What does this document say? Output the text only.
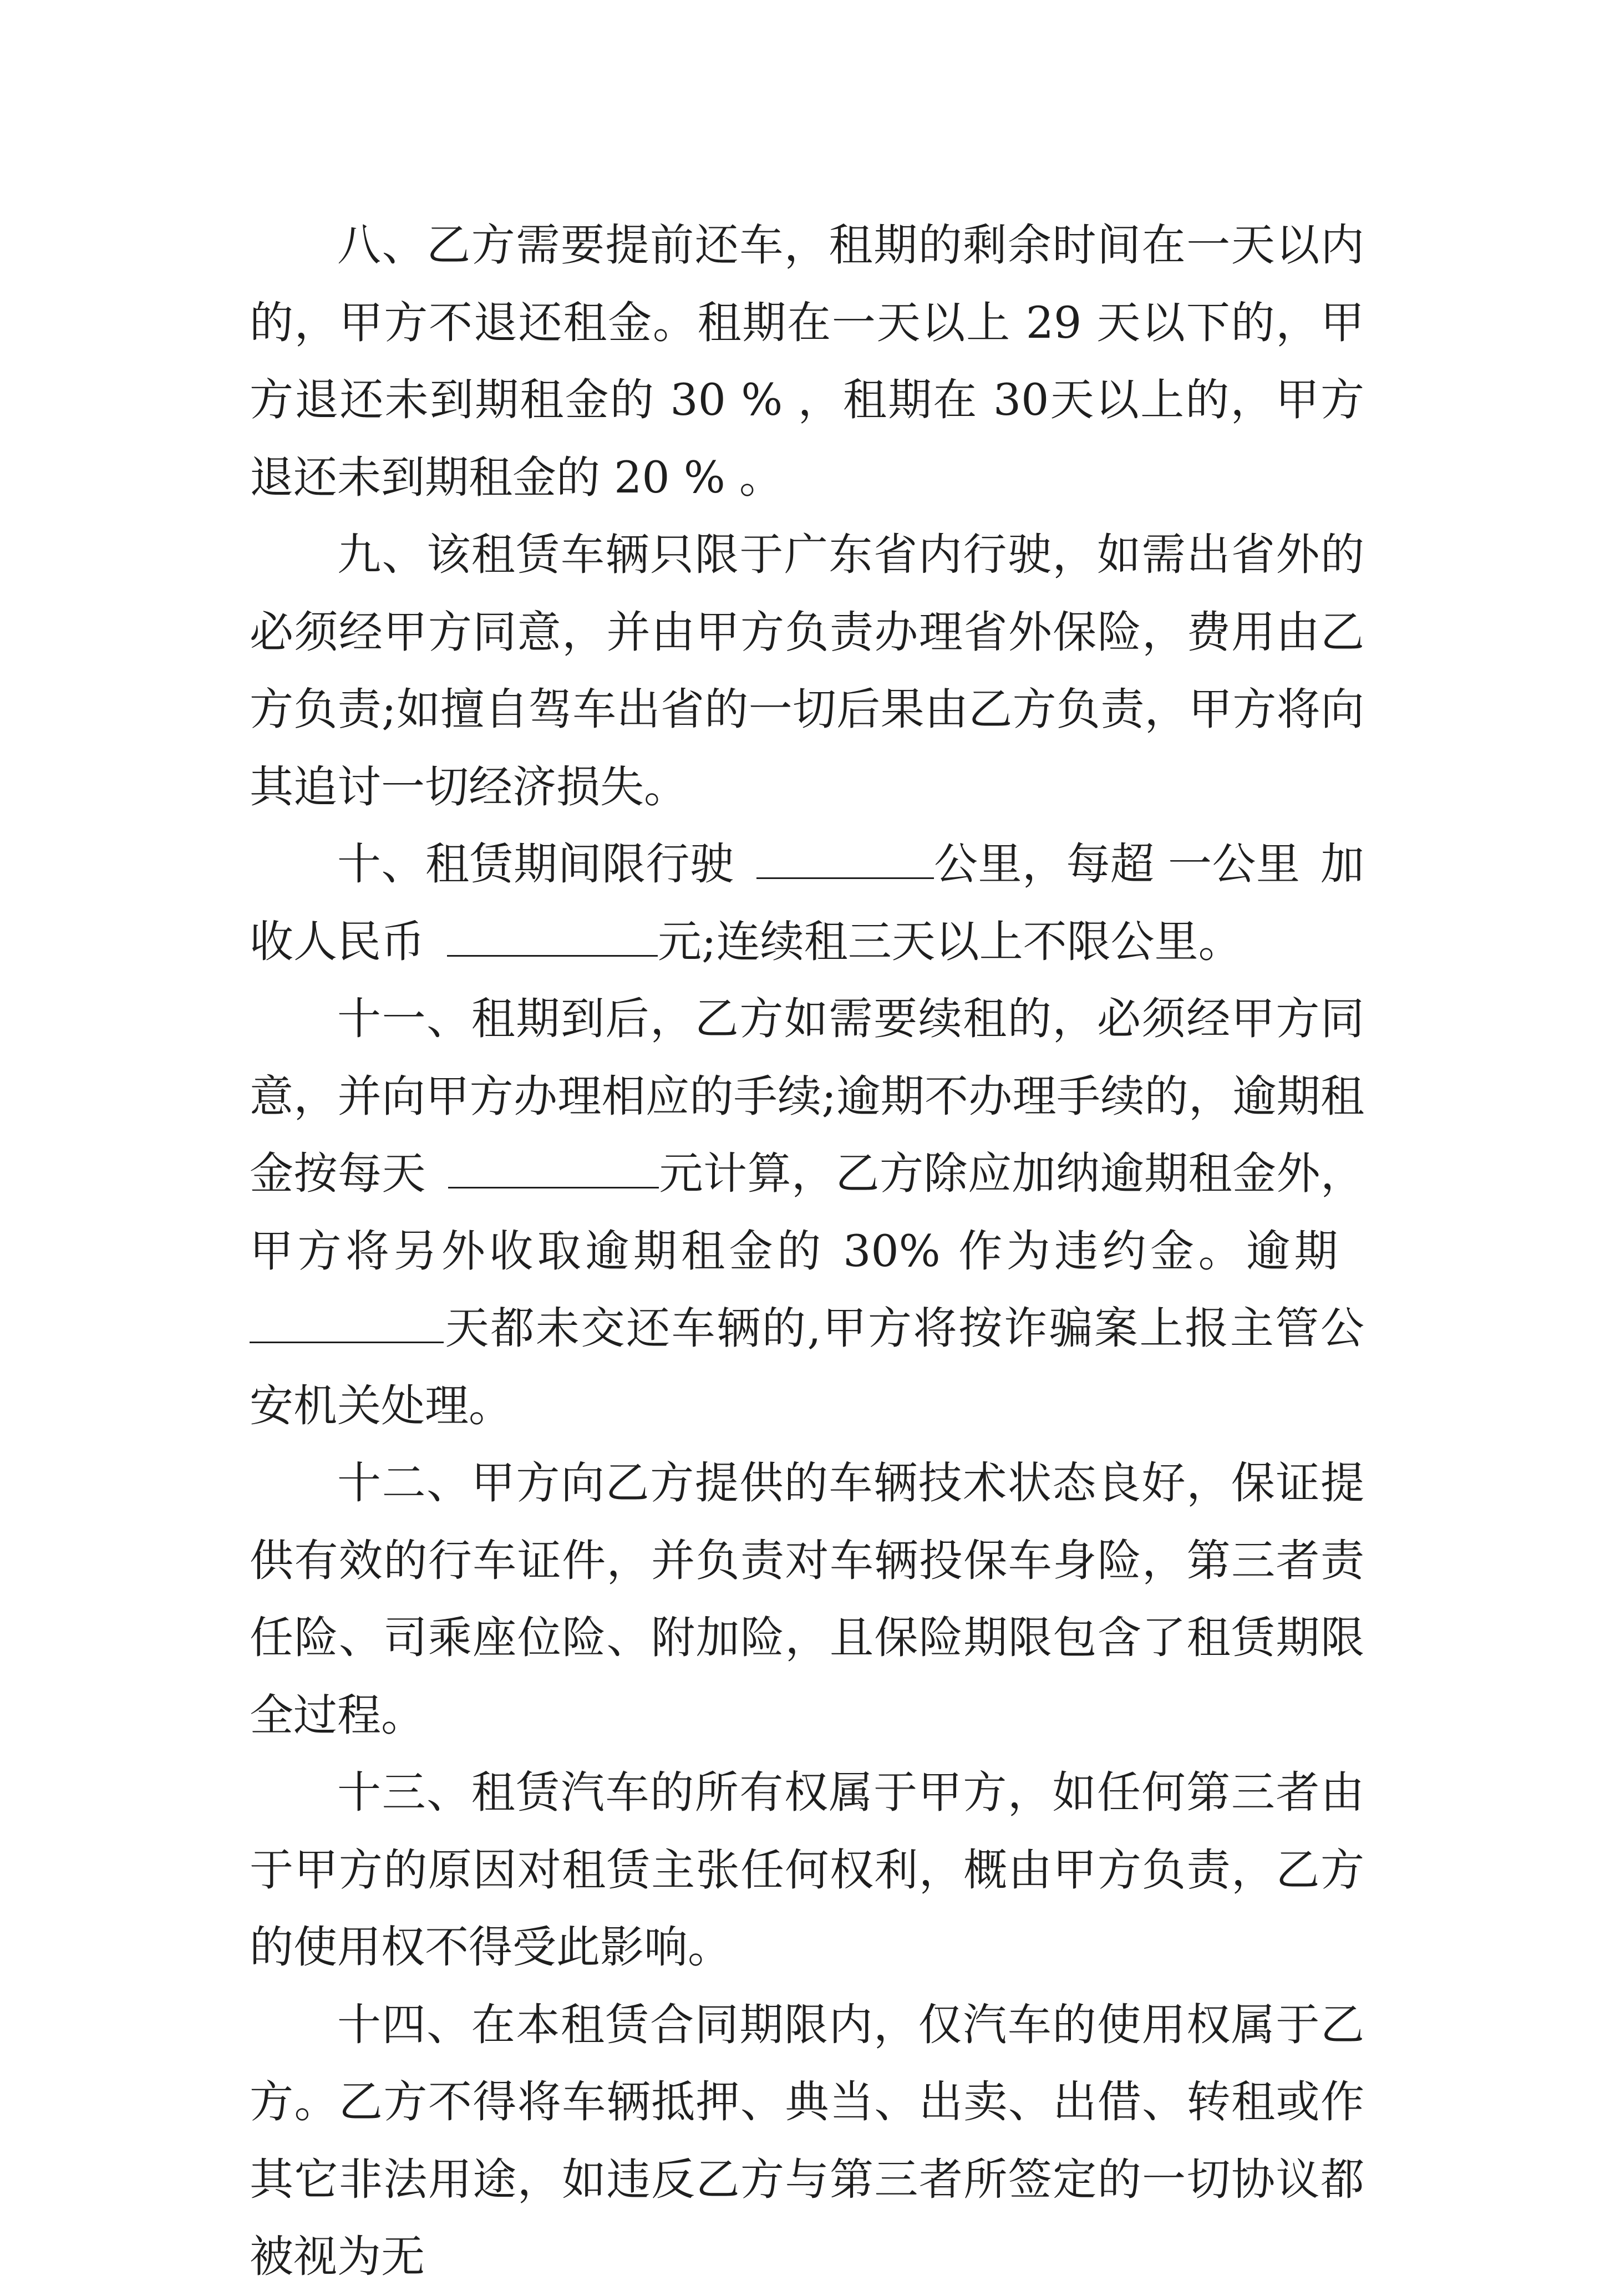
八、乙方需要提前还车，租期的剩余时间在一天以内的，甲方不退还租金。租期在一天以上 29 天以下的，甲方退还未到期租金的 30 % ，租期在 30天以上的，甲方退还未到期租金的 20 % 。

九、该租赁车辆只限于广东省内行驶，如需出省外的必须经甲方同意，并由甲方负责办理省外保险，费用由乙方负责;如擅自驾车出省的一切后果由乙方负责，甲方将向其追讨一切经济损失。

十、租赁期间限行驶	公里，每超 一公里 加收人民币	元;连续租三天以上不限公里。

十一、租期到后，乙方如需要续租的，必须经甲方同意，并向甲方办理相应的手续;逾期不办理手续的，逾期租金按每天	元计算，乙方除应加纳逾期租金外，甲方将另外收取逾期租金的 30% 作为违约金。逾期天都未交还车辆的,甲方将按诈骗案上报主管公安机关处理。

十二、甲方向乙方提供的车辆技术状态良好，保证提供有效的行车证件，并负责对车辆投保车身险，第三者责任险、司乘座位险、附加险，且保险期限包含了租赁期限全过程。

十三、租赁汽车的所有权属于甲方，如任何第三者由于甲方的原因对租赁主张任何权利，概由甲方负责，乙方的使用权不得受此影响。

十四、在本租赁合同期限内，仅汽车的使用权属于乙方。乙方不得将车辆抵押、典当、出卖、出借、转租或作其它非法用途，如违反乙方与第三者所签定的一切协议都被视为无
